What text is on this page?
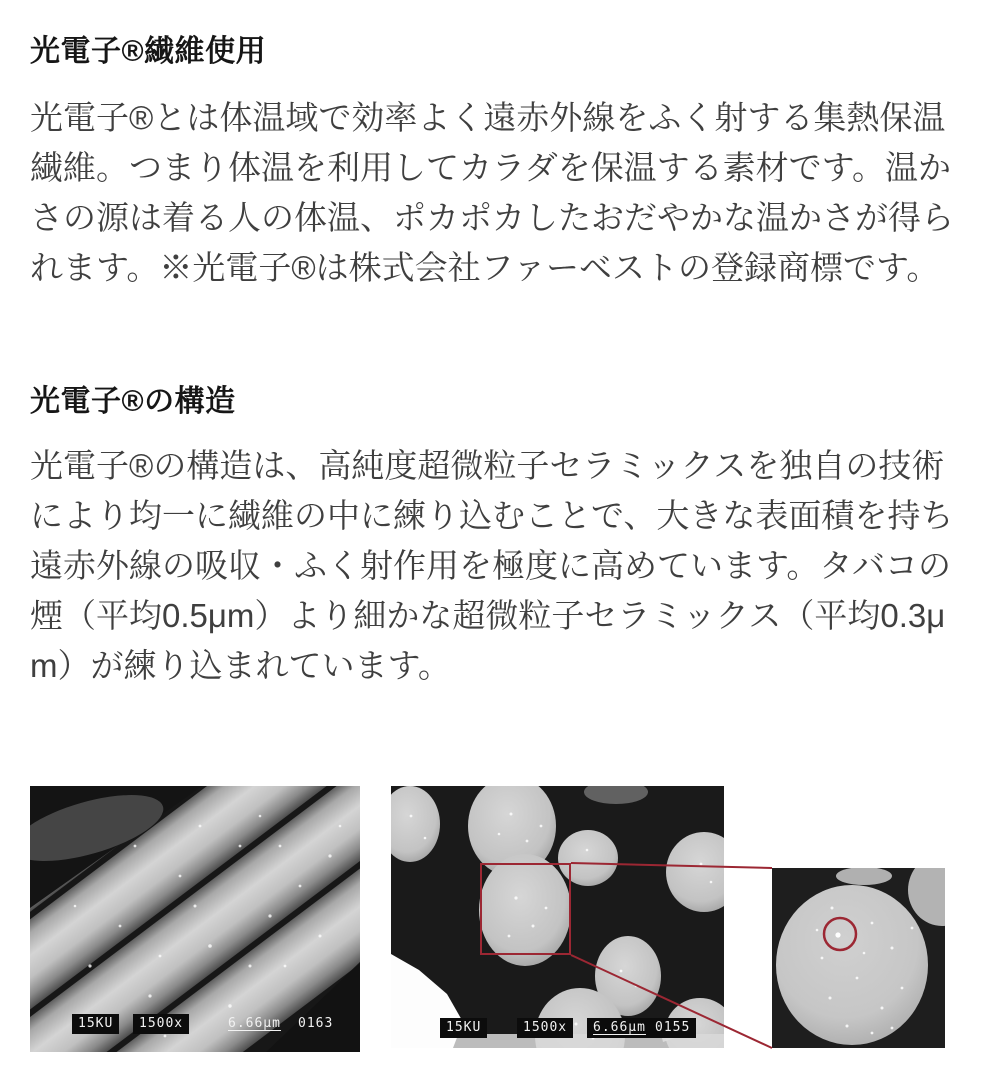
光電子®繊維使用

光電子®とは体温域で効率よく遠赤外線をふく射する集熱保温繊維。つまり体温を利用してカラダを保温する素材です。温かさの源は着る人の体温、ポカポカしたおだやかな温かさが得られます。※光電子®は株式会社ファーベストの登録商標です。

光電子®の構造

光電子®の構造は、高純度超微粒子セラミックスを独自の技術により均一に繊維の中に練り込むことで、大きな表面積を持ち遠赤外線の吸収・ふく射作用を極度に高めています。タバコの煙（平均0.5μm）より細かな超微粒子セラミックス（平均0.3μm）が練り込まれています。

15KU	1500x	6.66μm 0163	15KU	1500x	6.66μm 0155
